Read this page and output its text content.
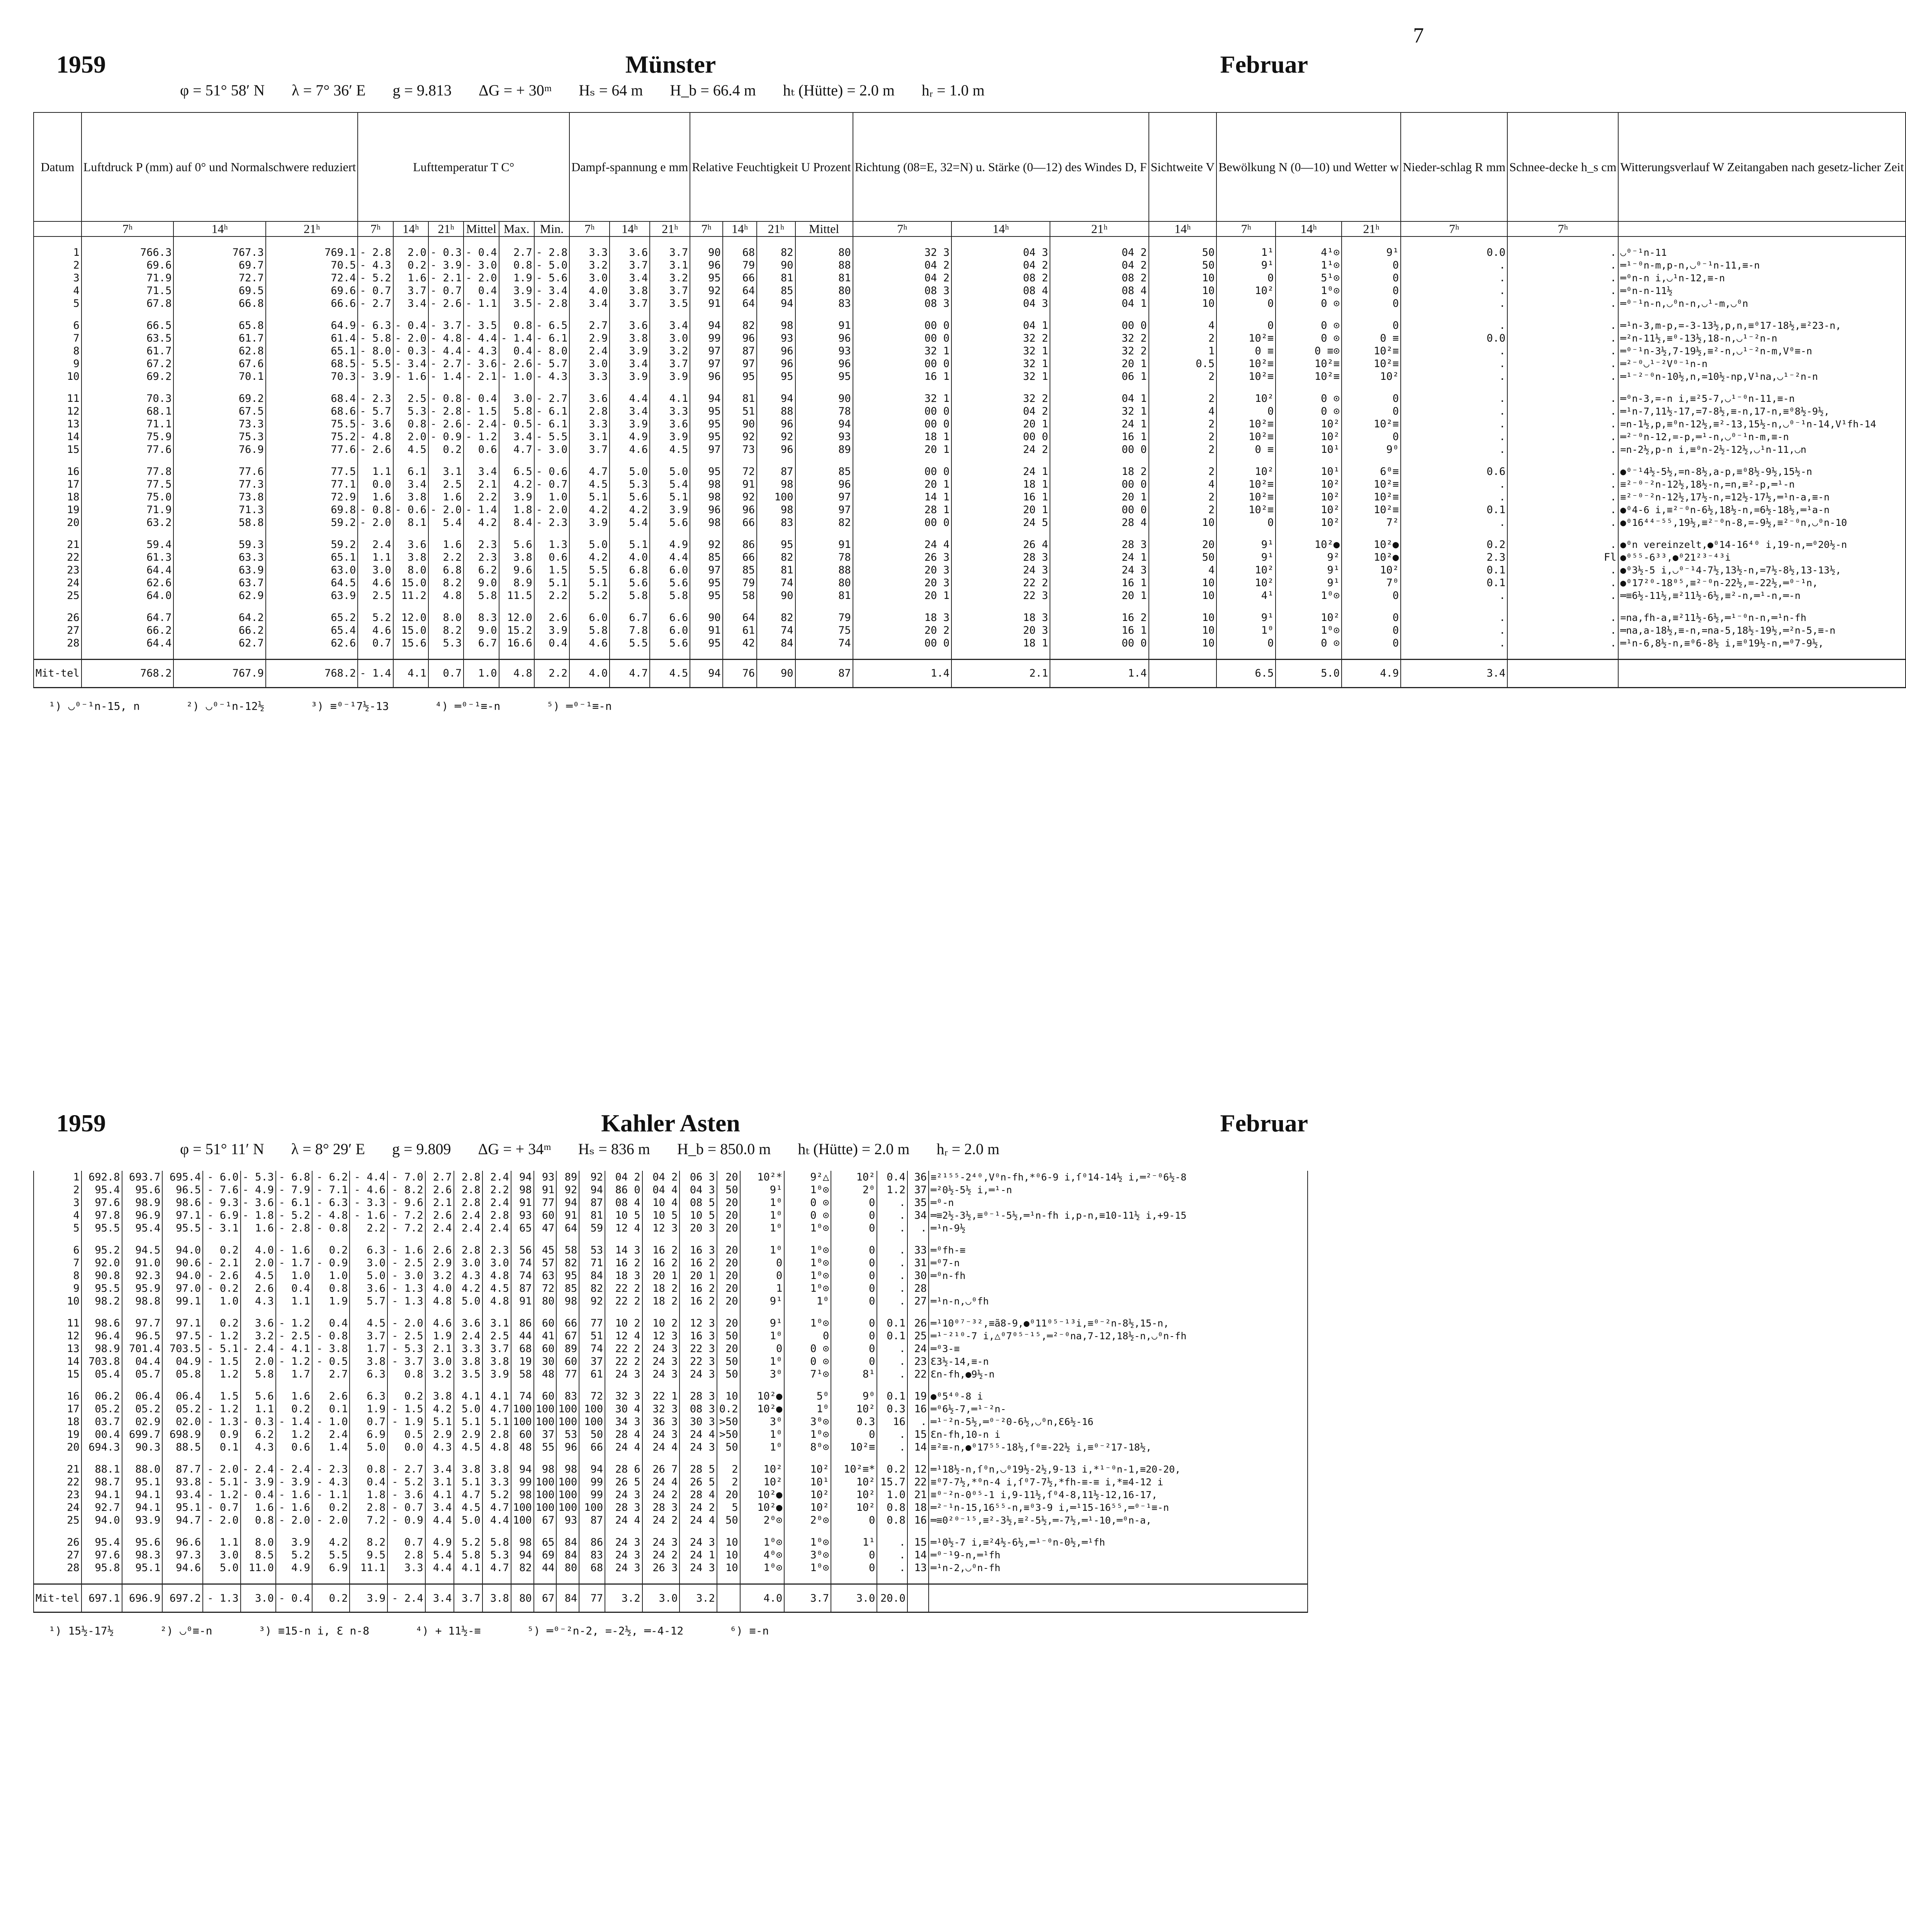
7
1959	Münster	Februar
φ = 51° 58′ N λ = 7° 36′ E g = 9.813 ΔG = + 30ᵐ Hₛ = 64 m H_b = 66.4 m hₜ (Hütte) = 2.0 m hᵣ = 1.0 m
Datum	Luftdruck P (mm) auf 0° und Normalschwere reduziert			Lufttemperatur T C°						Dampf-spannung e mm			Relative Feuchtigkeit U Prozent				Richtung (08=E, 32=N) u. Stärke (0—12) des Windes D, F			Sichtweite V	Bewölkung N (0—10) und Wetter w			Nieder-schlag R mm	Schnee-decke h_s cm	Witterungsverlauf W Zeitangaben nach gesetz-licher Zeit
	7ʰ	14ʰ	21ʰ	7ʰ	14ʰ	21ʰ	Mittel	Max.	Min.	7ʰ	14ʰ	21ʰ	7ʰ	14ʰ	21ʰ	Mittel	7ʰ	14ʰ	21ʰ	14ʰ	7ʰ	14ʰ	21ʰ	7ʰ	7ʰ	

1	766.3	767.3	769.1	- 2.8	2.0	- 0.3	- 0.4	2.7	- 2.8	3.3	3.6	3.7	90	68	82	80	32 3	04 3	04 2	50	1¹	4¹⊙	9¹	0.0	.	◡⁰⁻¹n-11
2	69.6	69.7	70.5	- 4.3	0.2	- 3.9	- 3.0	0.8	- 5.0	3.2	3.7	3.1	96	79	90	88	04 2	04 2	04 2	50	9¹	1¹⊙	0	.	.	═¹⁻⁰n-m,p-n,◡⁰⁻¹n-11,≡-n
3	71.9	72.7	72.4	- 5.2	1.6	- 2.1	- 2.0	1.9	- 5.6	3.0	3.4	3.2	95	66	81	81	04 2	08 2	08 2	10	0	5¹⊙	0	.	.	═⁰n-n i,◡¹n-12,≡-n
4	71.5	69.5	69.6	- 0.7	3.7	- 0.7	0.4	3.9	- 3.4	4.0	3.8	3.7	92	64	85	80	08 3	08 4	08 4	10	10²	1⁰⊙	0	.	.	═⁰n-n-11½
5	67.8	66.8	66.6	- 2.7	3.4	- 2.6	- 1.1	3.5	- 2.8	3.4	3.7	3.5	91	64	94	83	08 3	04 3	04 1	10	0	0 ⊙	0	.	.	═⁰⁻¹n-n,◡⁰n-n,◡¹-m,◡⁰n

6	66.5	65.8	64.9	- 6.3	- 0.4	- 3.7	- 3.5	0.8	- 6.5	2.7	3.6	3.4	94	82	98	91	00 0	04 1	00 0	4	0	0 ⊙	0	.	.	═¹n-3,m-p,=-3-13½,p,n,≡⁰17-18½,≡²23-n,
7	63.5	61.7	61.4	- 5.8	- 2.0	- 4.8	- 4.4	- 1.4	- 6.1	2.9	3.8	3.0	99	96	93	96	00 0	32 2	32 2	2	10²≡	0 ⊙	0 ≡	0.0	.	═²n-11½,≡⁰-13½,18-n,◡¹⁻²n-n
8	61.7	62.8	65.1	- 8.0	- 0.3	- 4.4	- 4.3	0.4	- 8.0	2.4	3.9	3.2	97	87	96	93	32 1	32 1	32 2	1	0 ≡	0 ≡⊙	10²≡	.	.	═⁰⁻¹n-3½,7-19½,≡²-n,◡¹⁻²n-m,V⁰≡-n
9	67.2	67.6	68.5	- 5.5	- 3.4	- 2.7	- 3.6	- 2.6	- 5.7	3.0	3.4	3.7	97	97	96	96	00 0	32 1	20 1	0.5	10²≡	10²≡	10²≡	.	.	═²⁻⁰◡¹⁻²V⁰⁻¹n-n
10	69.2	70.1	70.3	- 3.9	- 1.6	- 1.4	- 2.1	- 1.0	- 4.3	3.3	3.9	3.9	96	95	95	95	16 1	32 1	06 1	2	10²≡	10²≡	10²	.	.	═¹⁻²⁻⁰n-10½,n,=10½-np,V¹na,◡¹⁻²n-n

11	70.3	69.2	68.4	- 2.3	2.5	- 0.8	- 0.4	3.0	- 2.7	3.6	4.4	4.1	94	81	94	90	32 1	32 2	04 1	2	10²	0 ⊙	0	.	.	═⁰n-3,=-n i,≡²5-7,◡¹⁻⁰n-11,≡-n
12	68.1	67.5	68.6	- 5.7	5.3	- 2.8	- 1.5	5.8	- 6.1	2.8	3.4	3.3	95	51	88	78	00 0	04 2	32 1	4	0	0 ⊙	0	.	.	═¹n-7,11½-17,=7-8½,≡-n,17-n,≡⁰8½-9½,
13	71.1	73.3	75.5	- 3.6	0.8	- 2.6	- 2.4	- 0.5	- 6.1	3.3	3.9	3.6	95	90	96	94	00 0	20 1	24 1	2	10²≡	10²	10²≡	.	.	=n-1½,p,≡⁰n-12½,≡²-13,15½-n,◡⁰⁻¹n-14,V¹fh-14
14	75.9	75.3	75.2	- 4.8	2.0	- 0.9	- 1.2	3.4	- 5.5	3.1	4.9	3.9	95	92	92	93	18 1	00 0	16 1	2	10²≡	10²	0	.	.	═²⁻⁰n-12,=-p,═¹-n,◡⁰⁻¹n-m,≡-n
15	77.6	76.9	77.6	- 2.6	4.5	0.2	0.6	4.7	- 3.0	3.7	4.6	4.5	97	73	96	89	20 1	24 2	00 0	2	0 ≡	10¹	9⁰	.	.	=n-2½,p-n i,≡⁰n-2½-12½,◡¹n-11,◡n

16	77.8	77.6	77.5	1.1	6.1	3.1	3.4	6.5	- 0.6	4.7	5.0	5.0	95	72	87	85	00 0	24 1	18 2	2	10²	10¹	6⁰≡	0.6	.	●⁰⁻¹4½-5½,=n-8½,a-p,≡⁰8½-9½,15½-n
17	77.5	77.3	77.1	0.0	3.4	2.5	2.1	4.2	- 0.7	4.5	5.3	5.4	98	91	98	96	20 1	18 1	00 0	4	10²≡	10²	10²≡	.	.	≡²⁻⁰⁻²n-12½,18½-n,=n,≡²-p,═¹-n
18	75.0	73.8	72.9	1.6	3.8	1.6	2.2	3.9	1.0	5.1	5.6	5.1	98	92	100	97	14 1	16 1	20 1	2	10²≡	10²	10²≡	.	.	≡²⁻⁰⁻²n-12½,17½-n,=12½-17½,═¹n-a,≡-n
19	71.9	71.3	69.8	- 0.8	- 0.6	- 2.0	- 1.4	1.8	- 2.0	4.2	4.2	3.9	96	96	98	97	28 1	20 1	00 0	2	10²≡	10²	10²≡	0.1	.	●⁰4-6 i,≡²⁻⁰n-6½,18½-n,=6½-18½,═¹a-n
20	63.2	58.8	59.2	- 2.0	8.1	5.4	4.2	8.4	- 2.3	3.9	5.4	5.6	98	66	83	82	00 0	24 5	28 4	10	0	10²	7²	.	.	●⁰16⁴⁴⁻⁵⁵,19½,≡²⁻⁰n-8,=-9½,≡²⁻⁰n,◡⁰n-10

21	59.4	59.3	59.2	2.4	3.6	1.6	2.3	5.6	1.3	5.0	5.1	4.9	92	86	95	91	24 4	26 4	28 3	20	9¹	10²●	10²●	0.2	.	●⁰n vereinzelt,●⁰14-16⁴⁰ i,19-n,═⁰20½-n
22	61.3	63.3	65.1	1.1	3.8	2.2	2.3	3.8	0.6	4.2	4.0	4.4	85	66	82	78	26 3	28 3	24 1	50	9¹	9²	10²●	2.3	Fl	●⁰⁵⁵-6³³,●⁰21²³⁻⁴³i
23	64.4	63.9	63.0	3.0	8.0	6.8	6.2	9.6	1.5	5.5	6.8	6.0	97	85	81	88	20 3	24 3	24 3	4	10²	9¹	10²	0.1	.	●⁰3½-5 i,◡⁰⁻¹4-7½,13½-n,=7½-8½,13-13½,
24	62.6	63.7	64.5	4.6	15.0	8.2	9.0	8.9	5.1	5.1	5.6	5.6	95	79	74	80	20 3	22 2	16 1	10	10²	9¹	7⁰	0.1	.	●⁰17²⁰-18⁰⁵,≡²⁻⁰n-22½,=-22½,═⁰⁻¹n,
25	64.0	62.9	63.9	2.5	11.2	4.8	5.8	11.5	2.2	5.2	5.8	5.8	95	58	90	81	20 1	22 3	20 1	10	4¹	1⁰⊙	0	.	.	═≡6½-11½,≡²11½-6½,≡²-n,═¹-n,═-n

26	64.7	64.2	65.2	5.2	12.0	8.0	8.3	12.0	2.6	6.0	6.7	6.6	90	64	82	79	18 3	18 3	16 2	10	9¹	10²	0	.	.	=na,fh-a,≡²11½-6½,═¹⁻⁰n-n,═¹n-fh
27	66.2	66.2	65.4	4.6	15.0	8.2	9.0	15.2	3.9	5.8	7.8	6.0	91	61	74	75	20 2	20 3	16 1	10	1⁰	1⁰⊙	0	.	.	═na,a-18½,≡-n,=na-5,18½-19½,═²n-5,≡-n
28	64.4	62.7	62.6	0.7	15.6	5.3	6.7	16.6	0.4	4.6	5.5	5.6	95	42	84	74	00 0	18 1	00 0	10	0	0 ⊙	0	.	.	═¹n-6,8½-n,≡⁰6-8½ i,≡⁰19½-n,═⁰7-9½,

Mit-tel	768.2	767.9	768.2	- 1.4	4.1	0.7	1.0	4.8	2.2	4.0	4.7	4.5	94	76	90	87	1.4	2.1	1.4		6.5	5.0	4.9	3.4		
¹) ◡⁰⁻¹n-15, n	²) ◡⁰⁻¹n-12½	³) ≡⁰⁻¹7½-13	⁴) ═⁰⁻¹≡-n	⁵) ═⁰⁻¹≡-n
1959	Kahler Asten	Februar
φ = 51° 11′ N λ = 8° 29′ E g = 9.809 ΔG = + 34ᵐ Hₛ = 836 m H_b = 850.0 m hₜ (Hütte) = 2.0 m hᵣ = 2.0 m
1	692.8	693.7	695.4	- 6.0	- 5.3	- 6.8	- 6.2	- 4.4	- 7.0	2.7	2.8	2.4	94	93	89	92	04 2	04 2	06 3	20	10²*	9²△	10²	0.4	36	≡²¹⁵⁵-2⁴⁰,V⁰n-fh,*⁰6-9 i,ſ⁰14-14½ i,═²⁻⁰6½-8
2	95.4	95.6	96.5	- 7.6	- 4.9	- 7.9	- 7.1	- 4.6	- 8.2	2.6	2.8	2.2	98	91	92	94	86 0	04 4	04 3	50	9¹	1⁰⊙	2⁰	1.2	37	═²0½-5½ i,═¹-n
3	97.6	98.9	98.6	- 9.3	- 3.6	- 6.1	- 6.3	- 3.3	- 9.6	2.1	2.8	2.4	91	77	94	87	08 4	10 4	08 5	20	1⁰	0 ⊙	0	.	35	═⁰-n
4	97.8	96.9	97.1	- 6.9	- 1.8	- 5.2	- 4.8	- 1.6	- 7.2	2.6	2.4	2.8	93	60	91	81	10 5	10 5	10 5	20	1⁰	0 ⊙	0	.	34	═≡2½-3½,≡⁰⁻¹-5½,═¹n-fh i,p-n,≡10-11½ i,+9-15
5	95.5	95.4	95.5	- 3.1	1.6	- 2.8	- 0.8	2.2	- 7.2	2.4	2.4	2.4	65	47	64	59	12 4	12 3	20 3	20	1⁰	1⁰⊙	0	.	.	═¹n-9½

6	95.2	94.5	94.0	0.2	4.0	- 1.6	0.2	6.3	- 1.6	2.6	2.8	2.3	56	45	58	53	14 3	16 2	16 3	20	1⁰	1⁰⊙	0	.	33	═⁰fh-≡
7	92.0	91.0	90.6	- 2.1	2.0	- 1.7	- 0.9	3.0	- 2.5	2.9	3.0	3.0	74	57	82	71	16 2	16 2	16 2	20	0	1⁰⊙	0	.	31	═⁰7-n
8	90.8	92.3	94.0	- 2.6	4.5	1.0	1.0	5.0	- 3.0	3.2	4.3	4.8	74	63	95	84	18 3	20 1	20 1	20	0	1⁰⊙	0	.	30	═⁰n-fh
9	95.5	95.9	97.0	- 0.2	2.6	0.4	0.8	3.6	- 1.3	4.0	4.2	4.5	87	72	85	82	22 2	18 2	16 2	20	1	1⁰⊙	0	.	28	
10	98.2	98.8	99.1	1.0	4.3	1.1	1.9	5.7	- 1.3	4.8	5.0	4.8	91	80	98	92	22 2	18 2	16 2	20	9¹	1⁰	0	.	27	═¹n-n,◡⁰fh

11	98.6	97.7	97.1	0.2	3.6	- 1.2	0.4	4.5	- 2.0	4.6	3.6	3.1	86	60	66	77	10 2	10 2	12 3	20	9¹	1⁰⊙	0	0.1	26	═¹10⁰⁷⁻³²,≡ã8-9,●⁰11⁰⁵⁻¹³i,≡⁰⁻²n-8½,15-n,
12	96.4	96.5	97.5	- 1.2	3.2	- 2.5	- 0.8	3.7	- 2.5	1.9	2.4	2.5	44	41	67	51	12 4	12 3	16 3	50	1⁰	0	0	0.1	25	═¹⁻²¹⁰-7 i,△⁰7⁰⁵⁻¹⁵,═²⁻⁰na,7-12,18½-n,◡⁰n-fh
13	98.9	701.4	703.5	- 5.1	- 2.4	- 4.1	- 3.8	1.7	- 5.3	2.1	3.3	3.7	68	60	89	74	22 2	24 3	22 3	20	0	0 ⊙	0	.	24	═⁰3-≡
14	703.8	04.4	04.9	- 1.5	2.0	- 1.2	- 0.5	3.8	- 3.7	3.0	3.8	3.8	19	30	60	37	22 2	24 3	22 3	50	1⁰	0 ⊙	0	.	23	Ɛ3½-14,≡-n
15	05.4	05.7	05.8	1.2	5.8	1.7	2.7	6.3	0.8	3.2	3.5	3.9	58	48	77	61	24 3	24 3	24 3	50	3⁰	7¹⊙	8¹	.	22	Ɛn-fh,●9½-n

16	06.2	06.4	06.4	1.5	5.6	1.6	2.6	6.3	0.2	3.8	4.1	4.1	74	60	83	72	32 3	22 1	28 3	10	10²●	5⁰	9⁰	0.1	19	●⁰5⁴⁰-8 i
17	05.2	05.2	05.2	- 1.2	1.1	0.2	0.1	1.9	- 1.5	4.2	5.0	4.7	100	100	100	100	30 4	32 3	08 3	0.2	10²●	1⁰	10²	0.3	16	═⁰6½-7,═¹⁻²n-
18	03.7	02.9	02.0	- 1.3	- 0.3	- 1.4	- 1.0	0.7	- 1.9	5.1	5.1	5.1	100	100	100	100	34 3	36 3	30 3	>50	3⁰	3⁰⊙	0.3	16	.	═¹⁻²n-5½,═⁰⁻²0-6½,◡⁰n,Ɛ6½-16
19	00.4	699.7	698.9	0.9	6.2	1.2	2.4	6.9	0.5	2.9	2.9	2.8	60	37	53	50	28 4	24 3	24 4	>50	1⁰	1⁰⊙	0	.	15	Ɛn-fh,10-n i
20	694.3	90.3	88.5	0.1	4.3	0.6	1.4	5.0	0.0	4.3	4.5	4.8	48	55	96	66	24 4	24 4	24 3	50	1⁰	8⁰⊙	10²≡	.	14	≡²≡-n,●⁰17⁵⁵-18½,ſ⁰≡-22½ i,≡⁰⁻²17-18½,

21	88.1	88.0	87.7	- 2.0	- 2.4	- 2.4	- 2.3	0.8	- 2.7	3.4	3.8	3.8	94	98	98	94	28 6	26 7	28 5	2	10²	10²	10²≡*	0.2	12	═¹18½-n,ſ⁰n,◡⁰19½-2½,9-13 i,*¹⁻⁰n-1,≡20-20,
22	98.7	95.1	93.8	- 5.1	- 3.9	- 3.9	- 4.3	0.4	- 5.2	3.1	5.1	3.3	99	100	100	99	26 5	24 4	26 5	2	10²	10¹	10²	15.7	22	≡⁰7-7½,*⁰n-4 i,ſ⁰7-7½,*fh-≡-≡ i,*≡4-12 i
23	94.1	94.1	93.4	- 1.2	- 0.4	- 1.6	- 1.1	1.8	- 3.6	4.1	4.7	5.2	98	100	100	99	24 3	24 2	28 4	20	10²●	10²	10²	1.0	21	≡⁰⁻²n-0⁰⁵-1 i,9-11½,ſ⁰4-8,11½-12,16-17,
24	92.7	94.1	95.1	- 0.7	1.6	- 1.6	0.2	2.8	- 0.7	3.4	4.5	4.7	100	100	100	100	28 3	28 3	24 2	5	10²●	10²	10²	0.8	18	═²⁻¹n-15,16⁵⁵-n,≡⁰3-9 i,═¹15-16⁵⁵,═⁰⁻¹≡-n
25	94.0	93.9	94.7	- 2.0	0.8	- 2.0	- 2.0	7.2	- 0.9	4.4	5.0	4.4	100	67	93	87	24 4	24 2	24 4	50	2⁰⊙	2⁰⊙	0	0.8	16	═≡0²⁰⁻¹⁵,≡²-3½,≡²-5½,═-7½,═¹-10,═⁰n-a,

26	95.4	95.6	96.6	1.1	8.0	3.9	4.2	8.2	0.7	4.9	5.2	5.8	98	65	84	86	24 3	24 3	24 3	10	1⁰⊙	1⁰⊙	1¹	.	15	═¹0½-7 i,≡²4½-6½,═¹⁻⁰n-0½,═¹fh
27	97.6	98.3	97.3	3.0	8.5	5.2	5.5	9.5	2.8	5.4	5.8	5.3	94	69	84	83	24 3	24 2	24 1	10	4⁰⊙	3⁰⊙	0	.	14	═⁰⁻¹9-n,═¹fh
28	95.8	95.1	94.6	5.0	11.0	4.9	6.9	11.1	3.3	4.4	4.1	4.7	82	44	80	68	24 3	26 3	24 3	10	1⁰⊙	1⁰⊙	0	.	13	═¹n-2,◡⁰n-fh

Mit-tel	697.1	696.9	697.2	- 1.3	3.0	- 0.4	0.2	3.9	- 2.4	3.4	3.7	3.8	80	67	84	77	3.2	3.0	3.2		4.0	3.7	3.0	20.0		
¹) 15½-17½	²) ◡⁰≡-n	³) ≡15-n i, Ɛ n-8	⁴) + 11½-≡	⁵) ═⁰⁻²n-2, =-2½, ═-4-12	⁶) ≡-n
